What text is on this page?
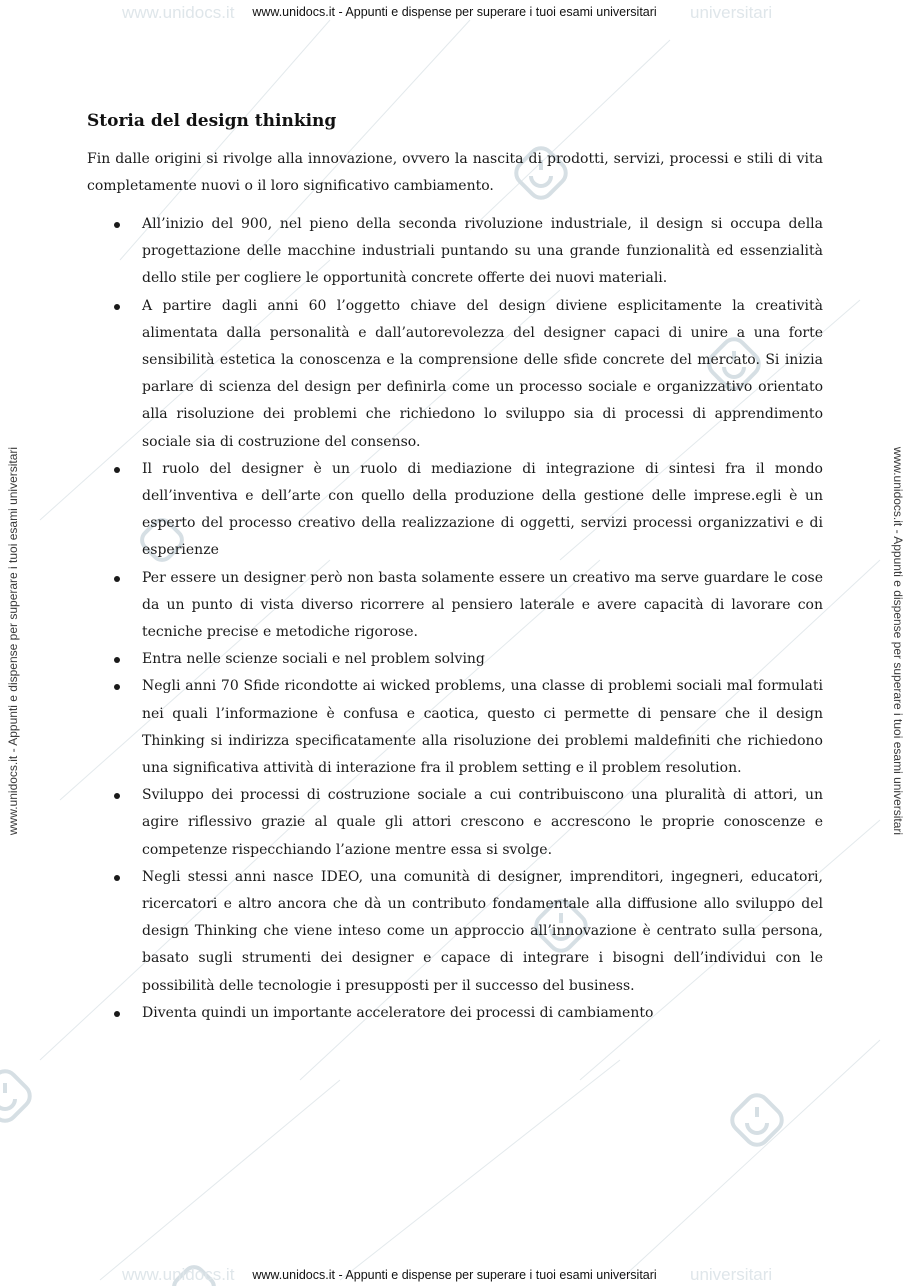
www.unidocs.it	universitari
www.unidocs.it	universitari
www.unidocs.it - Appunti e dispense per superare i tuoi esami universitari
www.unidocs.it - Appunti e dispense per superare i tuoi esami universitari
www.unidocs.it - Appunti e dispense per superare i tuoi esami universitari	www.unidocs.it - Appunti e dispense per superare i tuoi esami universitari
Storia del design thinking

Fin dalle origini si rivolge alla innovazione, ovvero la nascita di prodotti, servizi, processi e stili di vita completamente nuovi o il loro significativo cambiamento.

All’inizio del 900, nel pieno della seconda rivoluzione industriale, il design si occupa della progettazione delle macchine industriali puntando su una grande funzionalità ed essenzialità dello stile per cogliere le opportunità concrete offerte dei nuovi materiali.
A partire dagli anni 60 l’oggetto chiave del design diviene esplicitamente la creatività alimentata dalla personalità e dall’autorevolezza del designer capaci di unire a una forte sensibilità estetica la conoscenza e la comprensione delle sfide concrete del mercato. Si inizia parlare di scienza del design per definirla come un processo sociale e organizzativo orientato alla risoluzione dei problemi che richiedono lo sviluppo sia di processi di apprendimento sociale sia di costruzione del consenso.
Il ruolo del designer è un ruolo di mediazione di integrazione di sintesi fra il mondo dell’inventiva e dell’arte con quello della produzione della gestione delle imprese.egli è un esperto del processo creativo della realizzazione di oggetti, servizi processi organizzativi e di esperienze
Per essere un designer però non basta solamente essere un creativo ma serve guardare le cose da un punto di vista diverso ricorrere al pensiero laterale e avere capacità di lavorare con tecniche precise e metodiche rigorose.
Entra nelle scienze sociali e nel problem solving
Negli anni 70 Sfide ricondotte ai wicked problems, una classe di problemi sociali mal formulati nei quali l’informazione è confusa e caotica, questo ci permette di pensare che il design Thinking si indirizza specificatamente alla risoluzione dei problemi maldefiniti che richiedono una significativa attività di interazione fra il problem setting e il problem resolution.
Sviluppo dei processi di costruzione sociale a cui contribuiscono una pluralità di attori, un agire riflessivo grazie al quale gli attori crescono e accrescono le proprie conoscenze e competenze rispecchiando l’azione mentre essa si svolge.
Negli stessi anni nasce IDEO, una comunità di designer, imprenditori, ingegneri, educatori, ricercatori e altro ancora che dà un contributo fondamentale alla diffusione allo sviluppo del design Thinking che viene inteso come un approccio all’innovazione è centrato sulla persona, basato sugli strumenti dei designer e capace di integrare i bisogni dell’individui con le possibilità delle tecnologie i presupposti per il successo del business.
Diventa quindi un importante acceleratore dei processi di cambiamento
